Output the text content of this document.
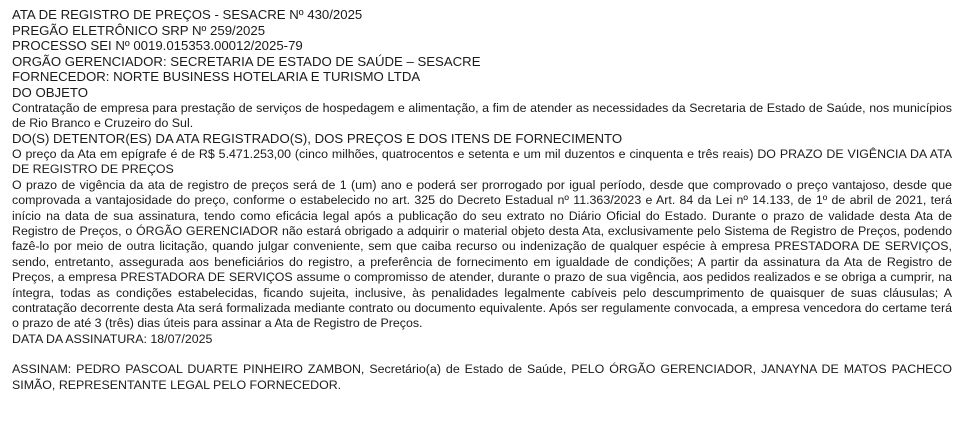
ATA DE REGISTRO DE PREÇOS - SESACRE Nº 430/2025
PREGÃO ELETRÔNICO SRP Nº 259/2025
PROCESSO SEI Nº 0019.015353.00012/2025-79
ORGÃO GERENCIADOR: SECRETARIA DE ESTADO DE SAÚDE – SESACRE
FORNECEDOR: NORTE BUSINESS HOTELARIA E TURISMO LTDA
DO OBJETO
Contratação de empresa para prestação de serviços de hospedagem e alimentação, a fim de atender as necessidades da Secretaria de Estado de Saúde, nos municípios de Rio Branco e Cruzeiro do Sul.
DO(S) DETENTOR(ES) DA ATA REGISTRADO(S), DOS PREÇOS E DOS ITENS DE FORNECIMENTO
O preço da Ata em epígrafe é de R$ 5.471.253,00 (cinco milhões, quatrocentos e setenta e um mil duzentos e cinquenta e três reais) DO PRAZO DE VIGÊNCIA DA ATA DE REGISTRO DE PREÇOS
O prazo de vigência da ata de registro de preços será de 1 (um) ano e poderá ser prorrogado por igual período, desde que comprovado o preço vantajoso, desde que comprovada a vantajosidade do preço, conforme o estabelecido no art. 325 do Decreto Estadual nº 11.363/2023 e Art. 84 da Lei nº 14.133, de 1º de abril de 2021, terá início na data de sua assinatura, tendo como eficácia legal após a publicação do seu extrato no Diário Oficial do Estado. Durante o prazo de validade desta Ata de Registro de Preços, o ÓRGÃO GERENCIADOR não estará obrigado a adquirir o material objeto desta Ata, exclusivamente pelo Sistema de Registro de Preços, podendo fazê-lo por meio de outra licitação, quando julgar conveniente, sem que caiba recurso ou indenização de qualquer espécie à empresa PRESTADORA DE SERVIÇOS, sendo, entretanto, assegurada aos beneficiários do registro, a preferência de fornecimento em igualdade de condições; A partir da assinatura da Ata de Registro de Preços, a empresa PRESTADORA DE SERVIÇOS assume o compromisso de atender, durante o prazo de sua vigência, aos pedidos realizados e se obriga a cumprir, na íntegra, todas as condições estabelecidas, ficando sujeita, inclusive, às penalidades legalmente cabíveis pelo descumprimento de quaisquer de suas cláusulas; A contratação decorrente desta Ata será formalizada mediante contrato ou documento equivalente. Após ser regulamente convocada, a empresa vencedora do certame terá o prazo de até 3 (três) dias úteis para assinar a Ata de Registro de Preços.
DATA DA ASSINATURA: 18/07/2025
ASSINAM: PEDRO PASCOAL DUARTE PINHEIRO ZAMBON, Secretário(a) de Estado de Saúde, PELO ÓRGÃO GERENCIADOR, JANAYNA DE MATOS PACHECO SIMÃO, REPRESENTANTE LEGAL PELO FORNECEDOR.
